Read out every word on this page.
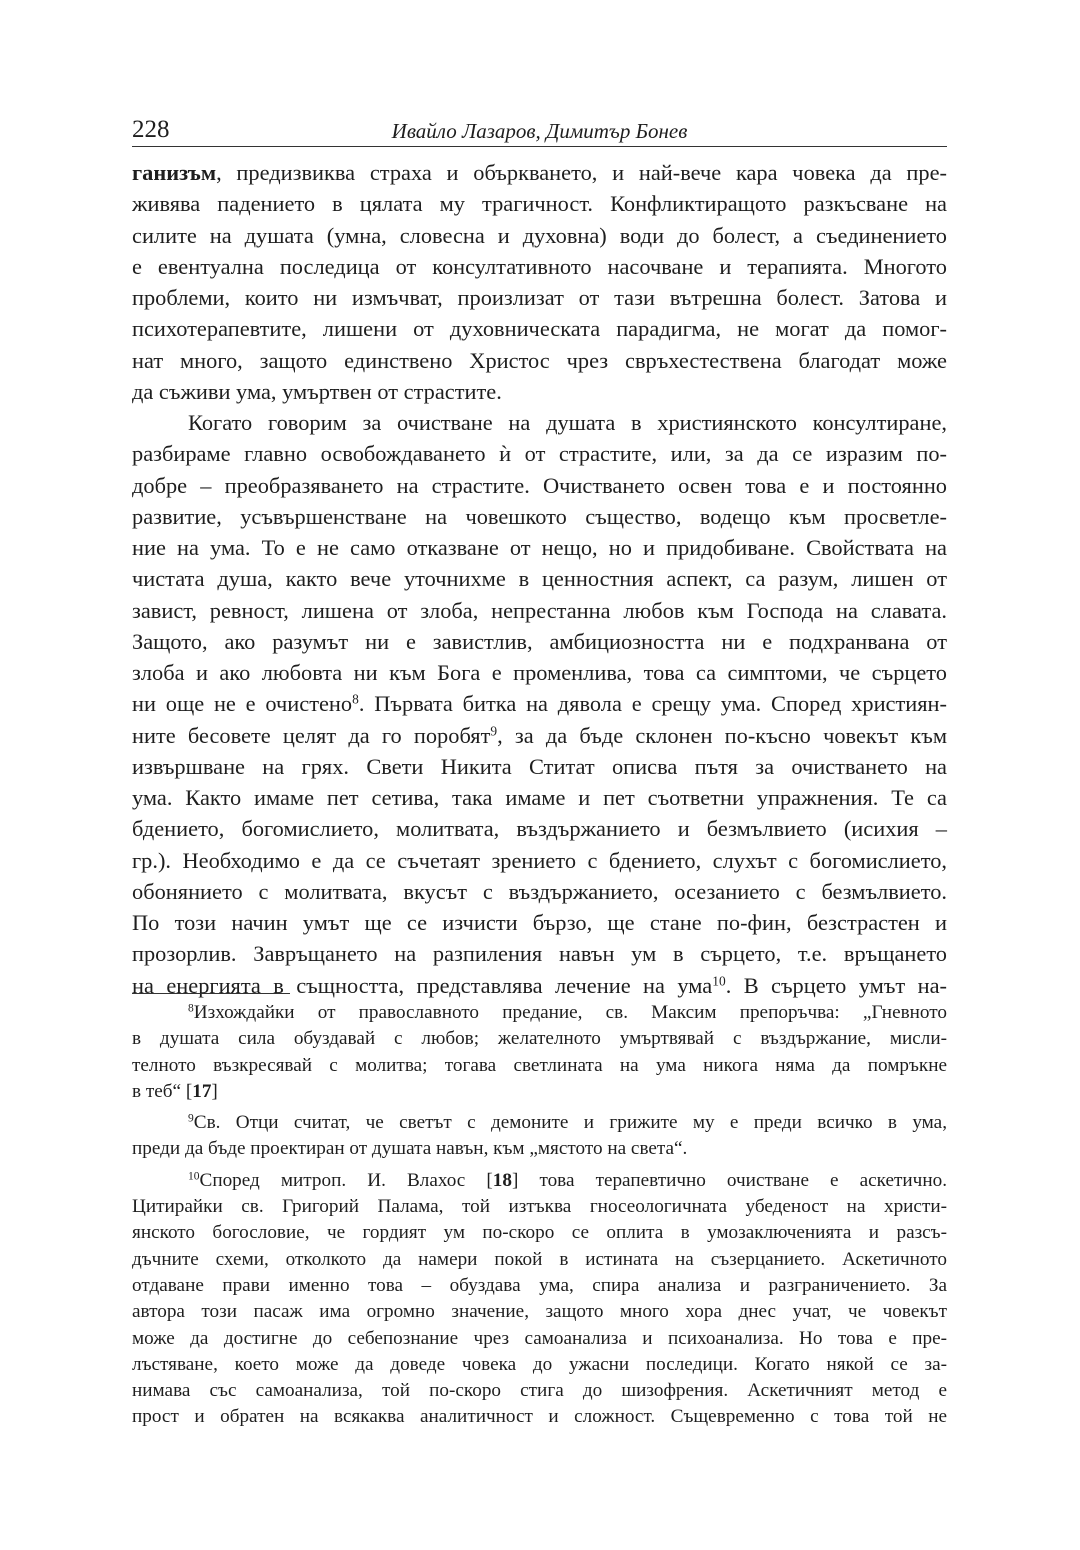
228	Ивайло Лазаров, Димитър Бонев

ганизъм, предизвиква страха и объркването, и най-вече кара човека да пре-
живява падението в цялата му трагичност. Конфликтиращото разкъсване на
силите на душата (умна, словесна и духовна) води до болест, а съединението
е евентуална последица от консултативното насочване и терапията. Многото
проблеми, които ни измъчват, произлизат от тази вътрешна болест. Затова и
психотерапевтите, лишени от духовническата парадигма, не могат да помог-
нат много, защото единствено Христос чрез свръхестествена благодат може
да съживи ума, умъртвен от страстите.

Когато говорим за очистване на душата в християнското консултиране,
разбираме главно освобождаването ѝ от страстите, или, за да се изразим по-
добре – преобразяването на страстите. Очистването освен това е и постоянно
развитие, усъвършенстване на човешкото същество, водещо към просветле-
ние на ума. То е не само отказване от нещо, но и придобиване. Свойствата на
чистата душа, както вече уточнихме в ценностния аспект, са разум, лишен от
завист, ревност, лишена от злоба, непрестанна любов към Господа на славата.
Защото, ако разумът ни е завистлив, амбициозността ни е подхранвана от
злоба и ако любовта ни към Бога е променлива, това са симптоми, че сърцето
ни още не е очистено$^8$. Първата битка на дявола е срещу ума. Според християн-
ните бесовете целят да го поробят$^9$, за да бъде склонен по-късно човекът към
извършване на грях. Свети Никита Ститат описва пътя за очистването на
ума. Както имаме пет сетива, така имаме и пет съответни упражнения. Те са
бдението, богомислието, молитвата, въздържанието и безмълвието (исихия –
гр.). Необходимо е да се съчетаят зрението с бдението, слухът с богомислието,
обонянието с молитвата, вкусът с въздържанието, осезанието с безмълвието.
По този начин умът ще се изчисти бързо, ще стане по-фин, безстрастен и
прозорлив. Завръщането на разпиления навън ум в сърцето, т.е. връщането
на енергията в същността, представлява лечение на ума$^{10}$. В сърцето умът на-

$^8$Изхождайки от православното предание, св. Максим препоръчва: „Гневното
в душата сила обуздавай с любов; желателното умъртвявай с въздържание, мисли-
телното възкресявай с молитва; тогава светлината на ума никога няма да помръкне
в теб“ [17]

$^9$Св. Отци считат, че светът с демоните и грижите му е преди всичко в ума,
преди да бъде проектиран от душата навън, към „мястото на света“.

$^{10}$Според митроп. И. Влахос [18] това терапевтично очистване е аскетично.
Цитирайки св. Григорий Палама, той изтъква гносеологичната убеденост на христи-
янското богословие, че гордият ум по-скоро се оплита в умозаключенията и разсъ-
дъчните схеми, отколкото да намери покой в истината на съзерцанието. Аскетичното
отдаване прави именно това – обуздава ума, спира анализа и разграничението. За
автора този пасаж има огромно значение, защото много хора днес учат, че човекът
може да достигне до себепознание чрез самоанализа и психоанализа. Но това е пре-
лъстяване, което може да доведе човека до ужасни последици. Когато някой се за-
нимава със самоанализа, той по-скоро стига до шизофрения. Аскетичният метод е
прост и обратен на всякаква аналитичност и сложност. Същевременно с това той не
